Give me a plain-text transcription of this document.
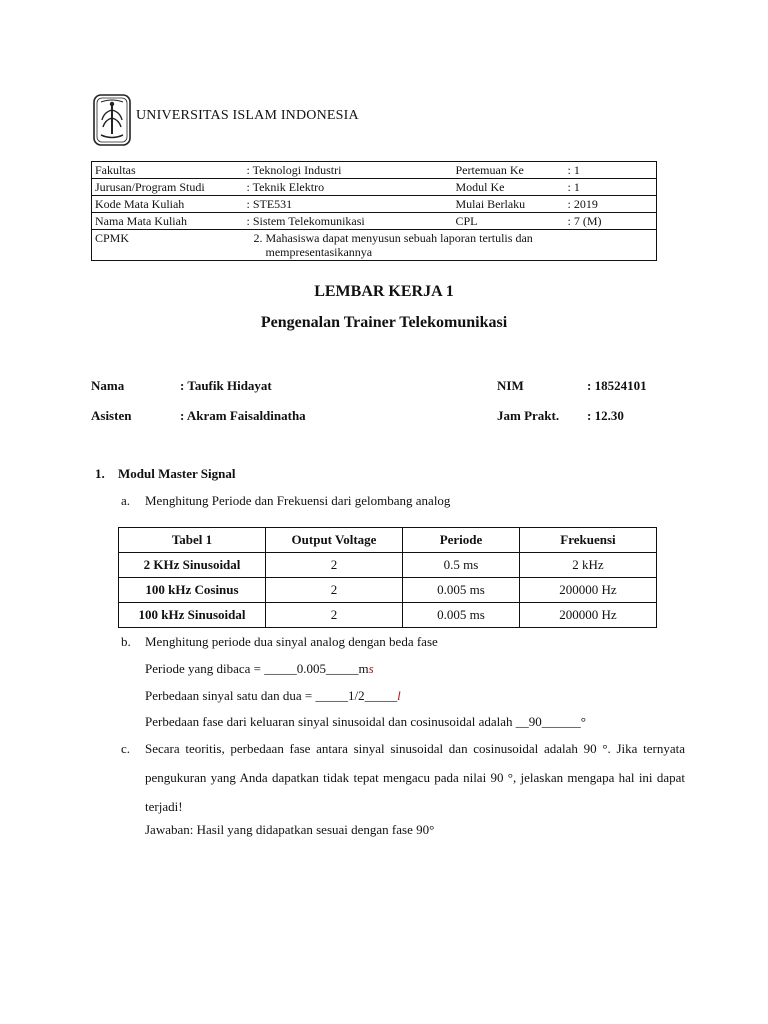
UNIVERSITAS ISLAM INDONESIA
Fakultas	: Teknologi Industri	Pertemuan Ke	: 1
Jurusan/Program Studi	: Teknik Elektro	Modul Ke	: 1
Kode Mata Kuliah	: STE531	Mulai Berlaku	: 2019
Nama Mata Kuliah	: Sistem Telekomunikasi	CPL	: 7 (M)
CPMK	2. Mahasiswa dapat menyusun sebuah laporan tertulis dan
mempresentasikannya		
LEMBAR KERJA 1
Pengenalan Trainer Telekomunikasi
Nama	: Taufik Hidayat	NIM	: 18524101
Asisten	: Akram Faisaldinatha	Jam Prakt. : 12.30
1. Modul Master Signal
a. Menghitung Periode dan Frekuensi dari gelombang analog
Tabel 1	Output Voltage	Periode	Frekuensi
2 KHz Sinusoidal	2	0.5 ms	2 kHz
100 kHz Cosinus	2	0.005 ms	200000 Hz
100 kHz Sinusoidal	2	0.005 ms	200000 Hz
b. Menghitung periode dua sinyal analog dengan beda fase
Periode yang dibaca = _____0.005_____ms
Perbedaan sinyal satu dan dua = _____1/2_____l
Perbedaan fase dari keluaran sinyal sinusoidal dan cosinusoidal adalah __90______°
c. Secara teoritis, perbedaan fase antara sinyal sinusoidal dan cosinusoidal adalah 90 °. Jika ternyata pengukuran yang Anda dapatkan tidak tepat mengacu pada nilai 90 °, jelaskan mengapa hal ini dapat terjadi!
Jawaban: Hasil yang didapatkan sesuai dengan fase 90°
